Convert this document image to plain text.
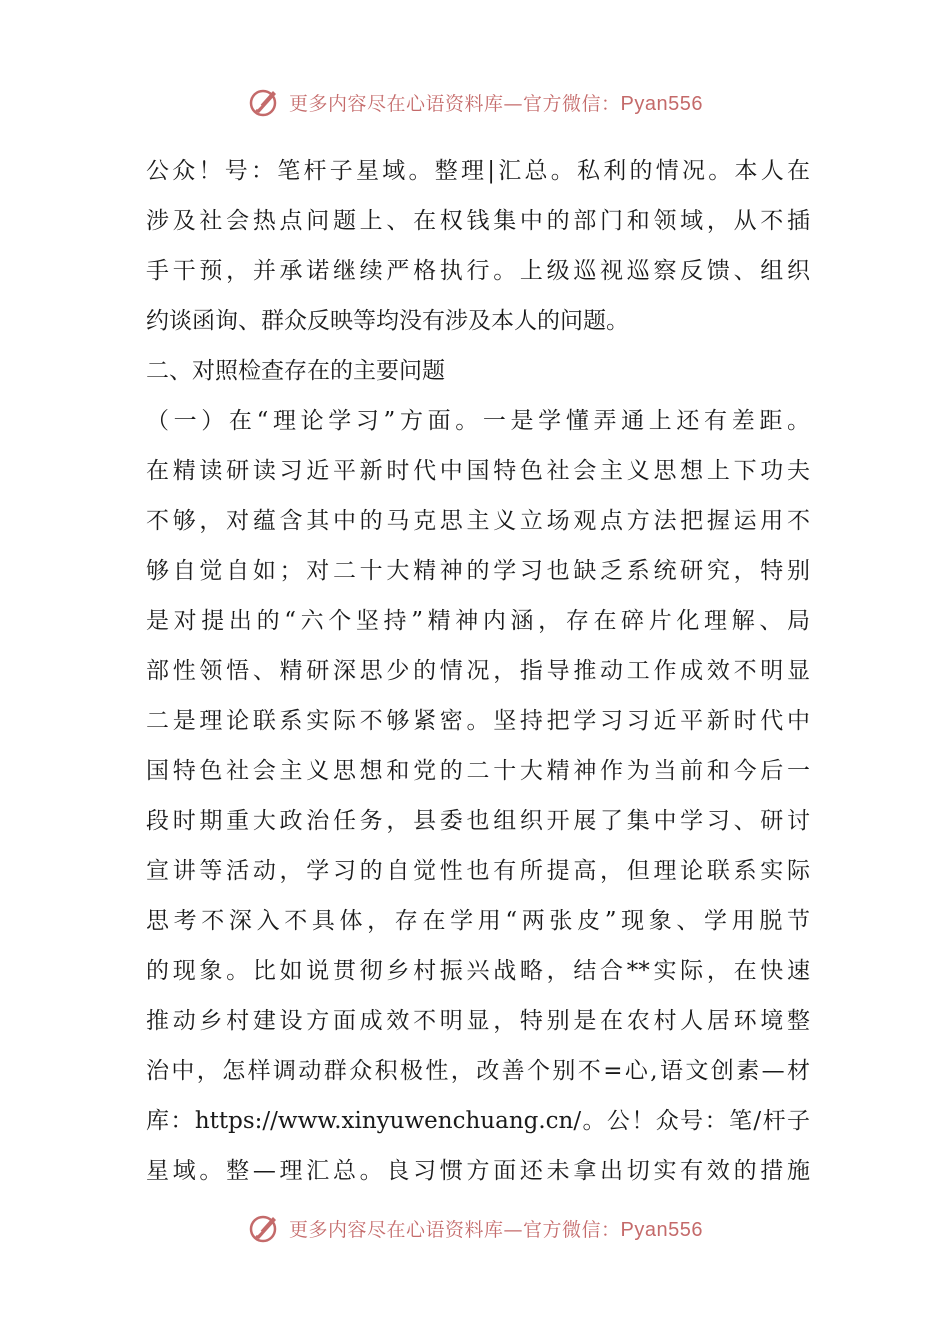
更多内容尽在心语资料库—官方微信：Pyan556
公众！号：笔杆子星域。整理|汇总。私利的情况。本人在
涉及社会热点问题上、在权钱集中的部门和领域，从不插
手干预，并承诺继续严格执行。上级巡视巡察反馈、组织
约谈函询、群众反映等均没有涉及本人的问题。
二、对照检查存在的主要问题
（一）在“理论学习”方面。一是学懂弄通上还有差距。
在精读研读习近平新时代中国特色社会主义思想上下功夫
不够，对蕴含其中的马克思主义立场观点方法把握运用不
够自觉自如；对二十大精神的学习也缺乏系统研究，特别
是对提出的“六个坚持”精神内涵，存在碎片化理解、局
部性领悟、精研深思少的情况，指导推动工作成效不明显
二是理论联系实际不够紧密。坚持把学习习近平新时代中
国特色社会主义思想和党的二十大精神作为当前和今后一
段时期重大政治任务，县委也组织开展了集中学习、研讨
宣讲等活动，学习的自觉性也有所提高，但理论联系实际
思考不深入不具体，存在学用“两张皮”现象、学用脱节
的现象。比如说贯彻乡村振兴战略，结合**实际，在快速
推动乡村建设方面成效不明显，特别是在农村人居环境整
治中，怎样调动群众积极性，改善个别不=心,语文创素—材
库：https://www.xinyuwenchuang.cn/。公！众号：笔/杆子
星域。整—理汇总。良习惯方面还未拿出切实有效的措施
更多内容尽在心语资料库—官方微信：Pyan556
